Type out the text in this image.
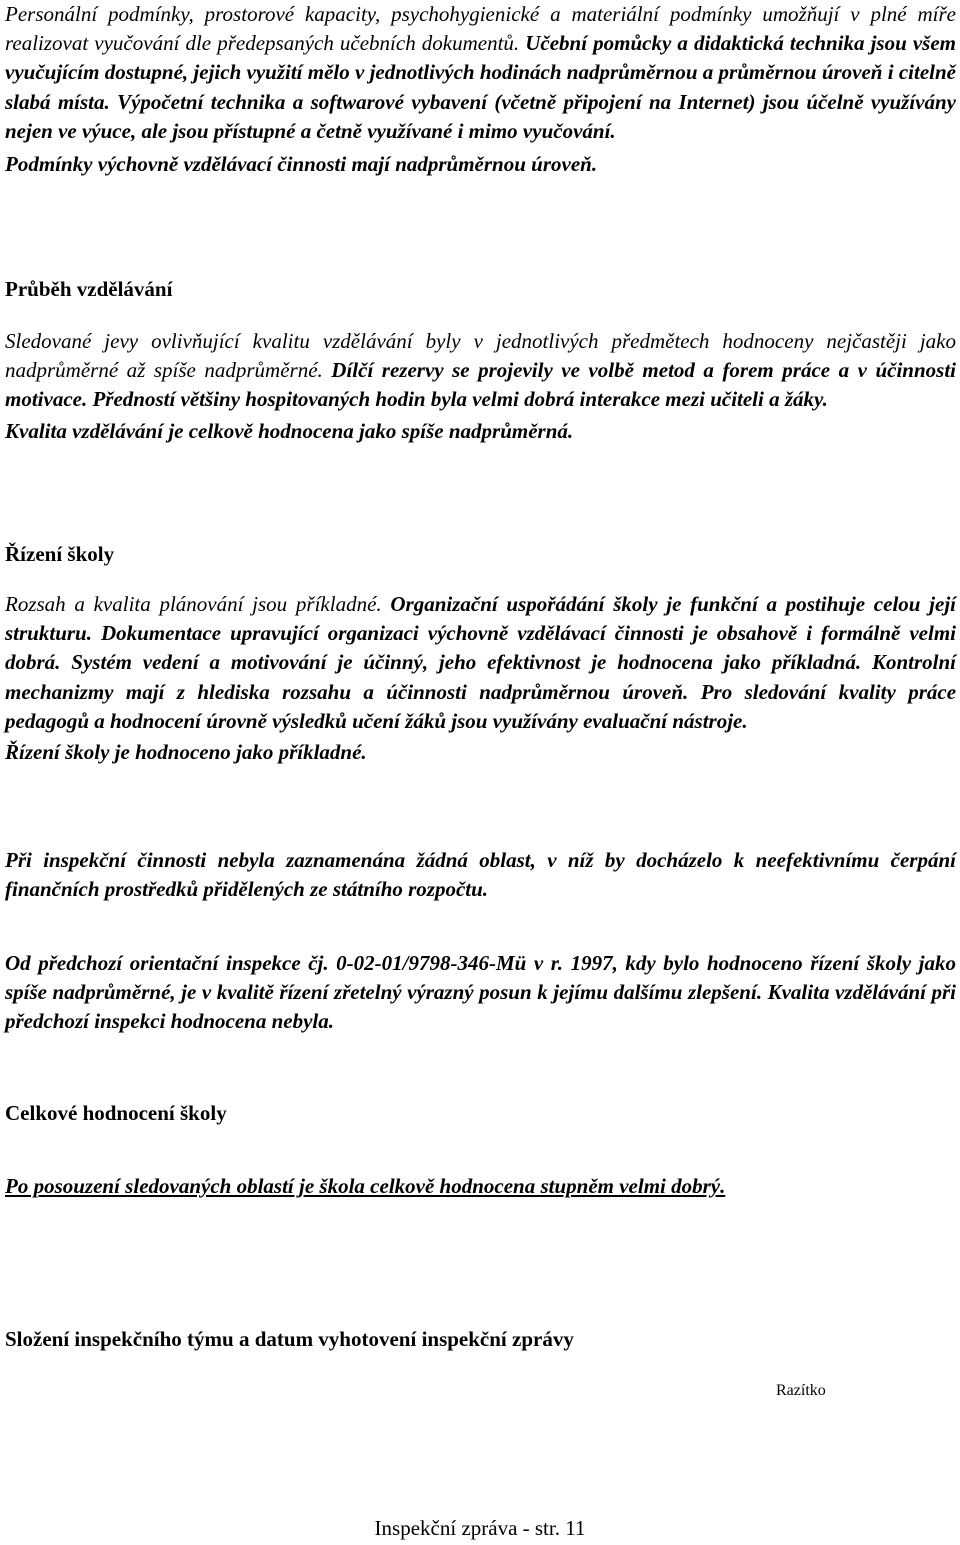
Personální podmínky, prostorové kapacity, psychohygienické a materiální podmínky umožňují v plné míře realizovat vyučování dle předepsaných učebních dokumentů. Učební pomůcky a didaktická technika jsou všem vyučujícím dostupné, jejich využití mělo v jednotlivých hodinách nadprůměrnou a průměrnou úroveň i citelně slabá místa. Výpočetní technika a softwarové vybavení (včetně připojení na Internet) jsou účelně využívány nejen ve výuce, ale jsou přístupné a četně využívané i mimo vyučování.

Podmínky výchovně vzdělávací činnosti mají nadprůměrnou úroveň.

Průběh vzdělávání

Sledované jevy ovlivňující kvalitu vzdělávání byly v jednotlivých předmětech hodnoceny nejčastěji jako nadprůměrné až spíše nadprůměrné. Dílčí rezervy se projevily ve volbě metod a forem práce a v účinnosti motivace. Předností většiny hospitovaných hodin byla velmi dobrá interakce mezi učiteli a žáky.

Kvalita vzdělávání je celkově hodnocena jako spíše nadprůměrná.

Řízení školy

Rozsah a kvalita plánování jsou příkladné. Organizační uspořádání školy je funkční a postihuje celou její strukturu. Dokumentace upravující organizaci výchovně vzdělávací činnosti je obsahově i formálně velmi dobrá. Systém vedení a motivování je účinný, jeho efektivnost je hodnocena jako příkladná. Kontrolní mechanizmy mají z hlediska rozsahu a účinnosti nadprůměrnou úroveň. Pro sledování kvality práce pedagogů a hodnocení úrovně výsledků učení žáků jsou využívány evaluační nástroje.

Řízení školy je hodnoceno jako příkladné.

Při inspekční činnosti nebyla zaznamenána žádná oblast, v níž by docházelo k neefektivnímu čerpání finančních prostředků přidělených ze státního rozpočtu.

Od předchozí orientační inspekce čj. 0-02-01/9798-346-Mü v r. 1997, kdy bylo hodnoceno řízení školy jako spíše nadprůměrné, je v kvalitě řízení zřetelný výrazný posun k jejímu dalšímu zlepšení. Kvalita vzdělávání při předchozí inspekci hodnocena nebyla.

Celkové hodnocení školy

Po posouzení sledovaných oblastí je škola celkově hodnocena stupněm velmi dobrý.

Složení inspekčního týmu a datum vyhotovení inspekční zprávy
Razítko
Inspekční zpráva - str. 11
